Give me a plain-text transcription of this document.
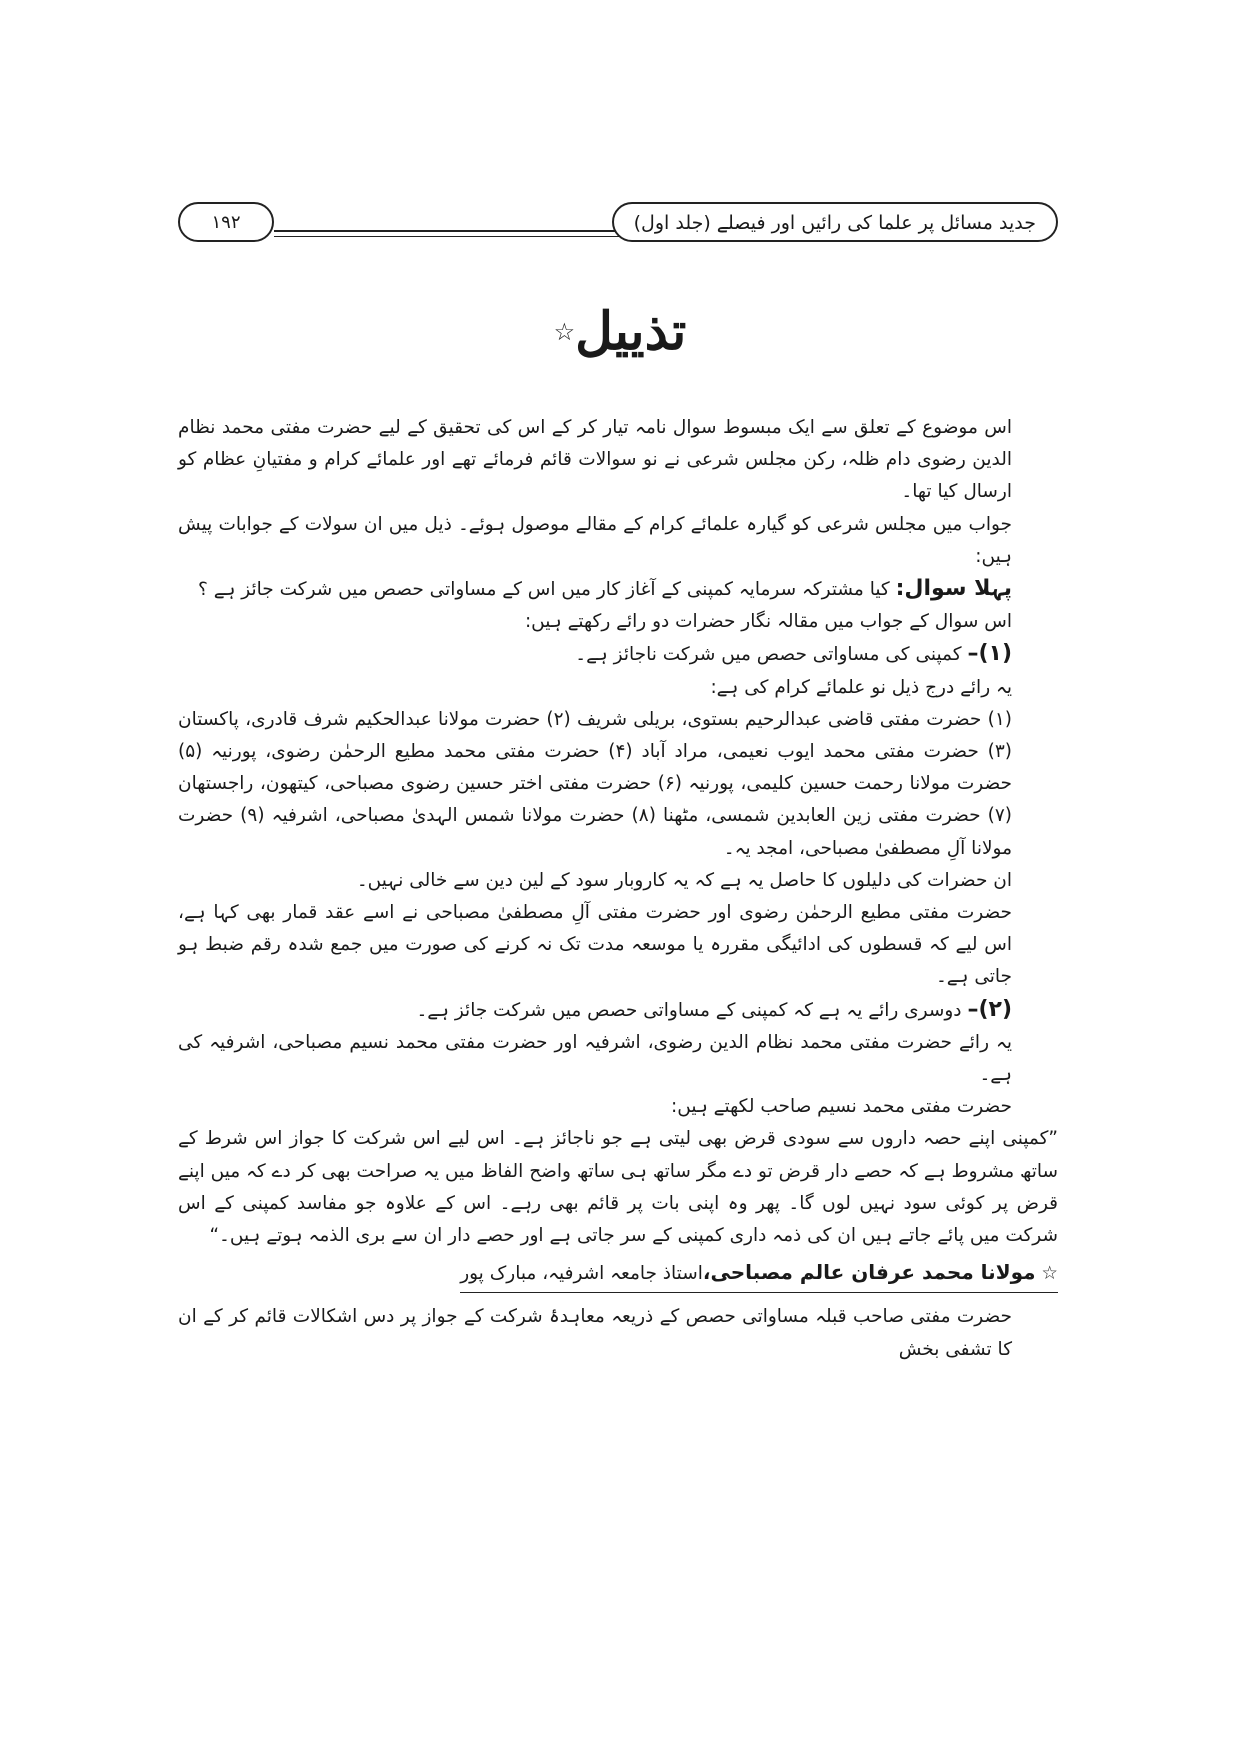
جدید مسائل پر علما کی رائیں اور فیصلے (جلد اول)
۱۹۲
تذییل☆

اس موضوع کے تعلق سے ایک مبسوط سوال نامہ تیار کر کے اس کی تحقیق کے لیے حضرت مفتی محمد نظام الدین رضوی دام ظلہ، رکن مجلس شرعی نے نو سوالات قائم فرمائے تھے اور علمائے کرام و مفتیانِ عظام کو ارسال کیا تھا۔

جواب میں مجلس شرعی کو گیارہ علمائے کرام کے مقالے موصول ہوئے۔ ذیل میں ان سولات کے جوابات پیش ہیں:

پہلا سوال: کیا مشترکہ سرمایہ کمپنی کے آغاز کار میں اس کے مساواتی حصص میں شرکت جائز ہے ؟

اس سوال کے جواب میں مقالہ نگار حضرات دو رائے رکھتے ہیں:

(۱)– کمپنی کی مساواتی حصص میں شرکت ناجائز ہے۔

یہ رائے درج ذیل نو علمائے کرام کی ہے:

(۱) حضرت مفتی قاضی عبدالرحیم بستوی، بریلی شریف (۲) حضرت مولانا عبدالحکیم شرف قادری، پاکستان (۳) حضرت مفتی محمد ایوب نعیمی، مراد آباد (۴) حضرت مفتی محمد مطیع الرحمٰن رضوی، پورنیہ (۵) حضرت مولانا رحمت حسین کلیمی، پورنیہ (۶) حضرت مفتی اختر حسین رضوی مصباحی، کیتھون، راجستھان (۷) حضرت مفتی زین العابدین شمسی، مٹھنا (۸) حضرت مولانا شمس الہدیٰ مصباحی، اشرفیہ (۹) حضرت مولانا آلِ مصطفیٰ مصباحی، امجد یہ۔

ان حضرات کی دلیلوں کا حاصل یہ ہے کہ یہ کاروبار سود کے لین دین سے خالی نہیں۔

حضرت مفتی مطیع الرحمٰن رضوی اور حضرت مفتی آلِ مصطفیٰ مصباحی نے اسے عقد قمار بھی کہا ہے، اس لیے کہ قسطوں کی ادائیگی مقررہ یا موسعہ مدت تک نہ کرنے کی صورت میں جمع شدہ رقم ضبط ہو جاتی ہے۔

(۲)– دوسری رائے یہ ہے کہ کمپنی کے مساواتی حصص میں شرکت جائز ہے۔

یہ رائے حضرت مفتی محمد نظام الدین رضوی، اشرفیہ اور حضرت مفتی محمد نسیم مصباحی، اشرفیہ کی ہے۔

حضرت مفتی محمد نسیم صاحب لکھتے ہیں:

”کمپنی اپنے حصہ داروں سے سودی قرض بھی لیتی ہے جو ناجائز ہے۔ اس لیے اس شرکت کا جواز اس شرط کے ساتھ مشروط ہے کہ حصے دار قرض تو دے مگر ساتھ ہی ساتھ واضح الفاظ میں یہ صراحت بھی کر دے کہ میں اپنے قرض پر کوئی سود نہیں لوں گا۔ پھر وہ اپنی بات پر قائم بھی رہے۔ اس کے علاوہ جو مفاسد کمپنی کے اس شرکت میں پائے جاتے ہیں ان کی ذمہ داری کمپنی کے سر جاتی ہے اور حصے دار ان سے بری الذمہ ہوتے ہیں۔“

☆ مولانا محمد عرفان عالم مصباحی،استاذ جامعہ اشرفیہ، مبارک پور

حضرت مفتی صاحب قبلہ مساواتی حصص کے ذریعہ معاہدۂ شرکت کے جواز پر دس اشکالات قائم کر کے ان کا تشفی بخش
